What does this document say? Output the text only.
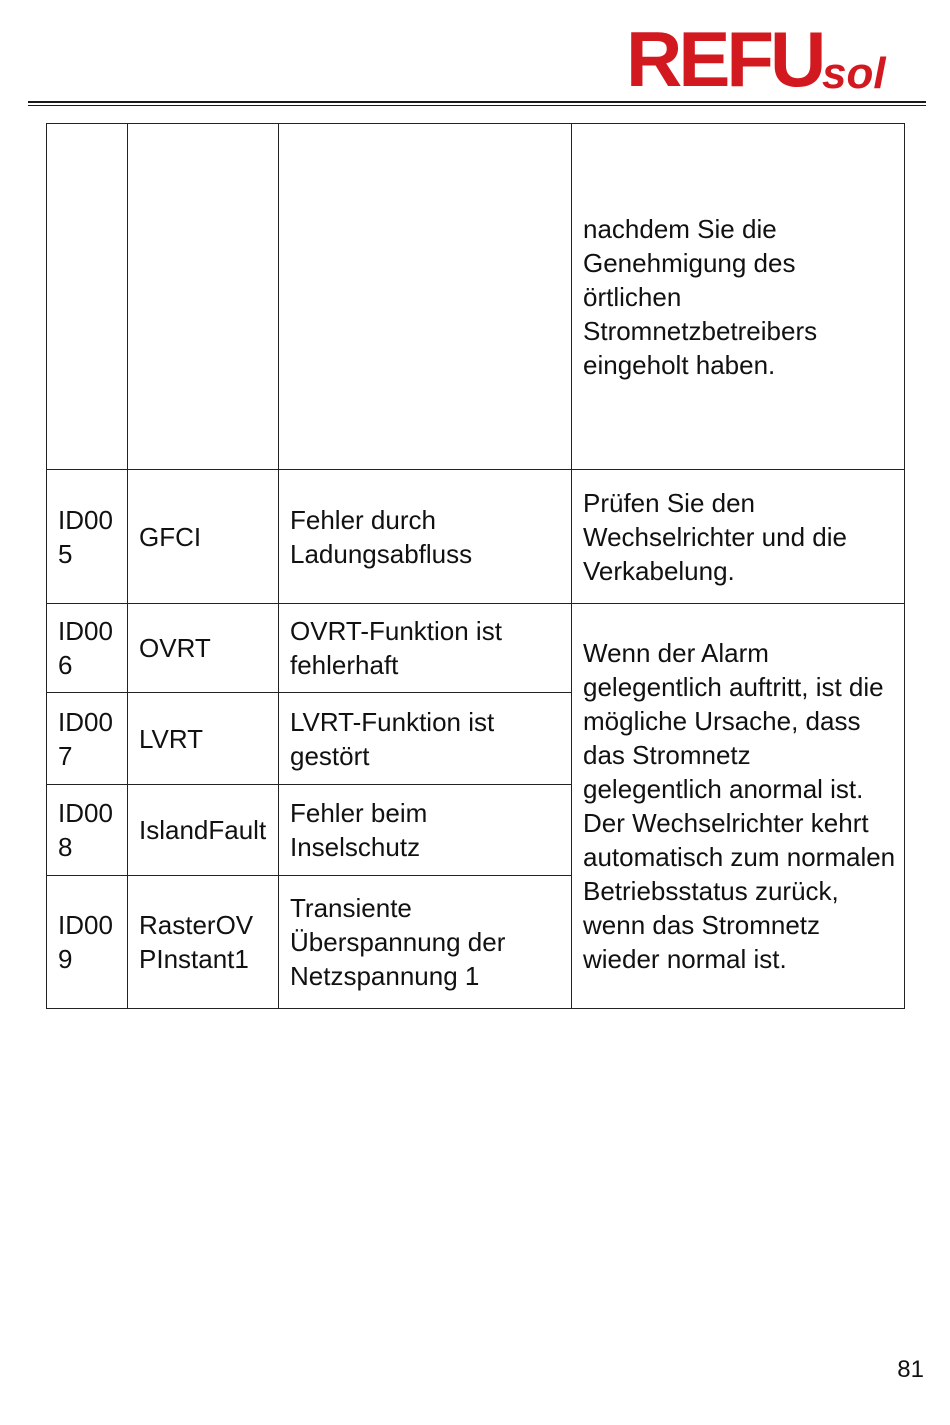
REFU sol
			nachdem Sie die Genehmigung des örtlichen Stromnetzbetreibers eingeholt haben.
ID005	GFCI	Fehler durch Ladungsabfluss	Prüfen Sie den Wechselrichter und die Verkabelung.
ID006	OVRT	OVRT-Funktion ist fehlerhaft	Wenn der Alarm gelegentlich auftritt, ist die mögliche Ursache, dass das Stromnetz gelegentlich anormal ist. Der Wechselrichter kehrt automatisch zum normalen Betriebsstatus zurück, wenn das Stromnetz wieder normal ist.
ID007	LVRT	LVRT-Funktion ist gestört	
ID008	IslandFault	Fehler beim Inselschutz	
ID009	RasterOVPInstant1	Transiente Überspannung der Netzspannung 1	
81
